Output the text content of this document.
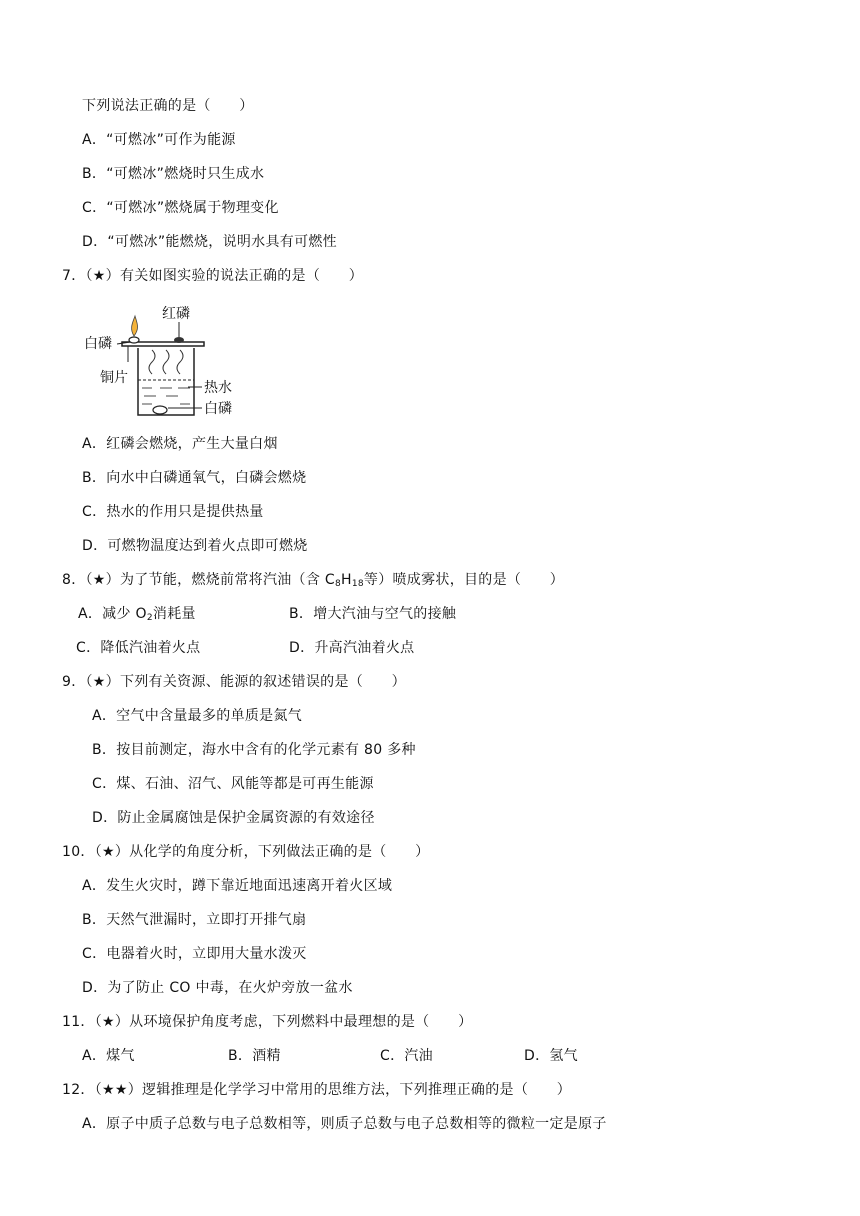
下列说法正确的是（　　）
A．“可燃冰”可作为能源
B．“可燃冰”燃烧时只生成水
C．“可燃冰”燃烧属于物理变化
D．“可燃冰”能燃烧，说明水具有可燃性
7．（★）有关如图实验的说法正确的是（　　）
红磷
白磷
铜片
热水
白磷
A．红磷会燃烧，产生大量白烟
B．向水中白磷通氧气，白磷会燃烧
C．热水的作用只是提供热量
D．可燃物温度达到着火点即可燃烧
8．（★）为了节能，燃烧前常将汽油（含 $C_8H_{18}$等）喷成雾状，目的是（　　）
A．减少 $O_2$消耗量	B．增大汽油与空气的接触
C．降低汽油着火点	D．升高汽油着火点
9．（★）下列有关资源、能源的叙述错误的是（　　）
A．空气中含量最多的单质是氮气
B．按目前测定，海水中含有的化学元素有 80 多种
C．煤、石油、沼气、风能等都是可再生能源
D．防止金属腐蚀是保护金属资源的有效途径
10．（★）从化学的角度分析，下列做法正确的是（　　）
A．发生火灾时，蹲下靠近地面迅速离开着火区域
B．天然气泄漏时，立即打开排气扇
C．电器着火时，立即用大量水泼灭
D．为了防止 CO 中毒，在火炉旁放一盆水
11．（★）从环境保护角度考虑，下列燃料中最理想的是（　　）
A．煤气	B．酒精	C．汽油	D．氢气
12．（★★）逻辑推理是化学学习中常用的思维方法，下列推理正确的是（　　）
A．原子中质子总数与电子总数相等，则质子总数与电子总数相等的微粒一定是原子
